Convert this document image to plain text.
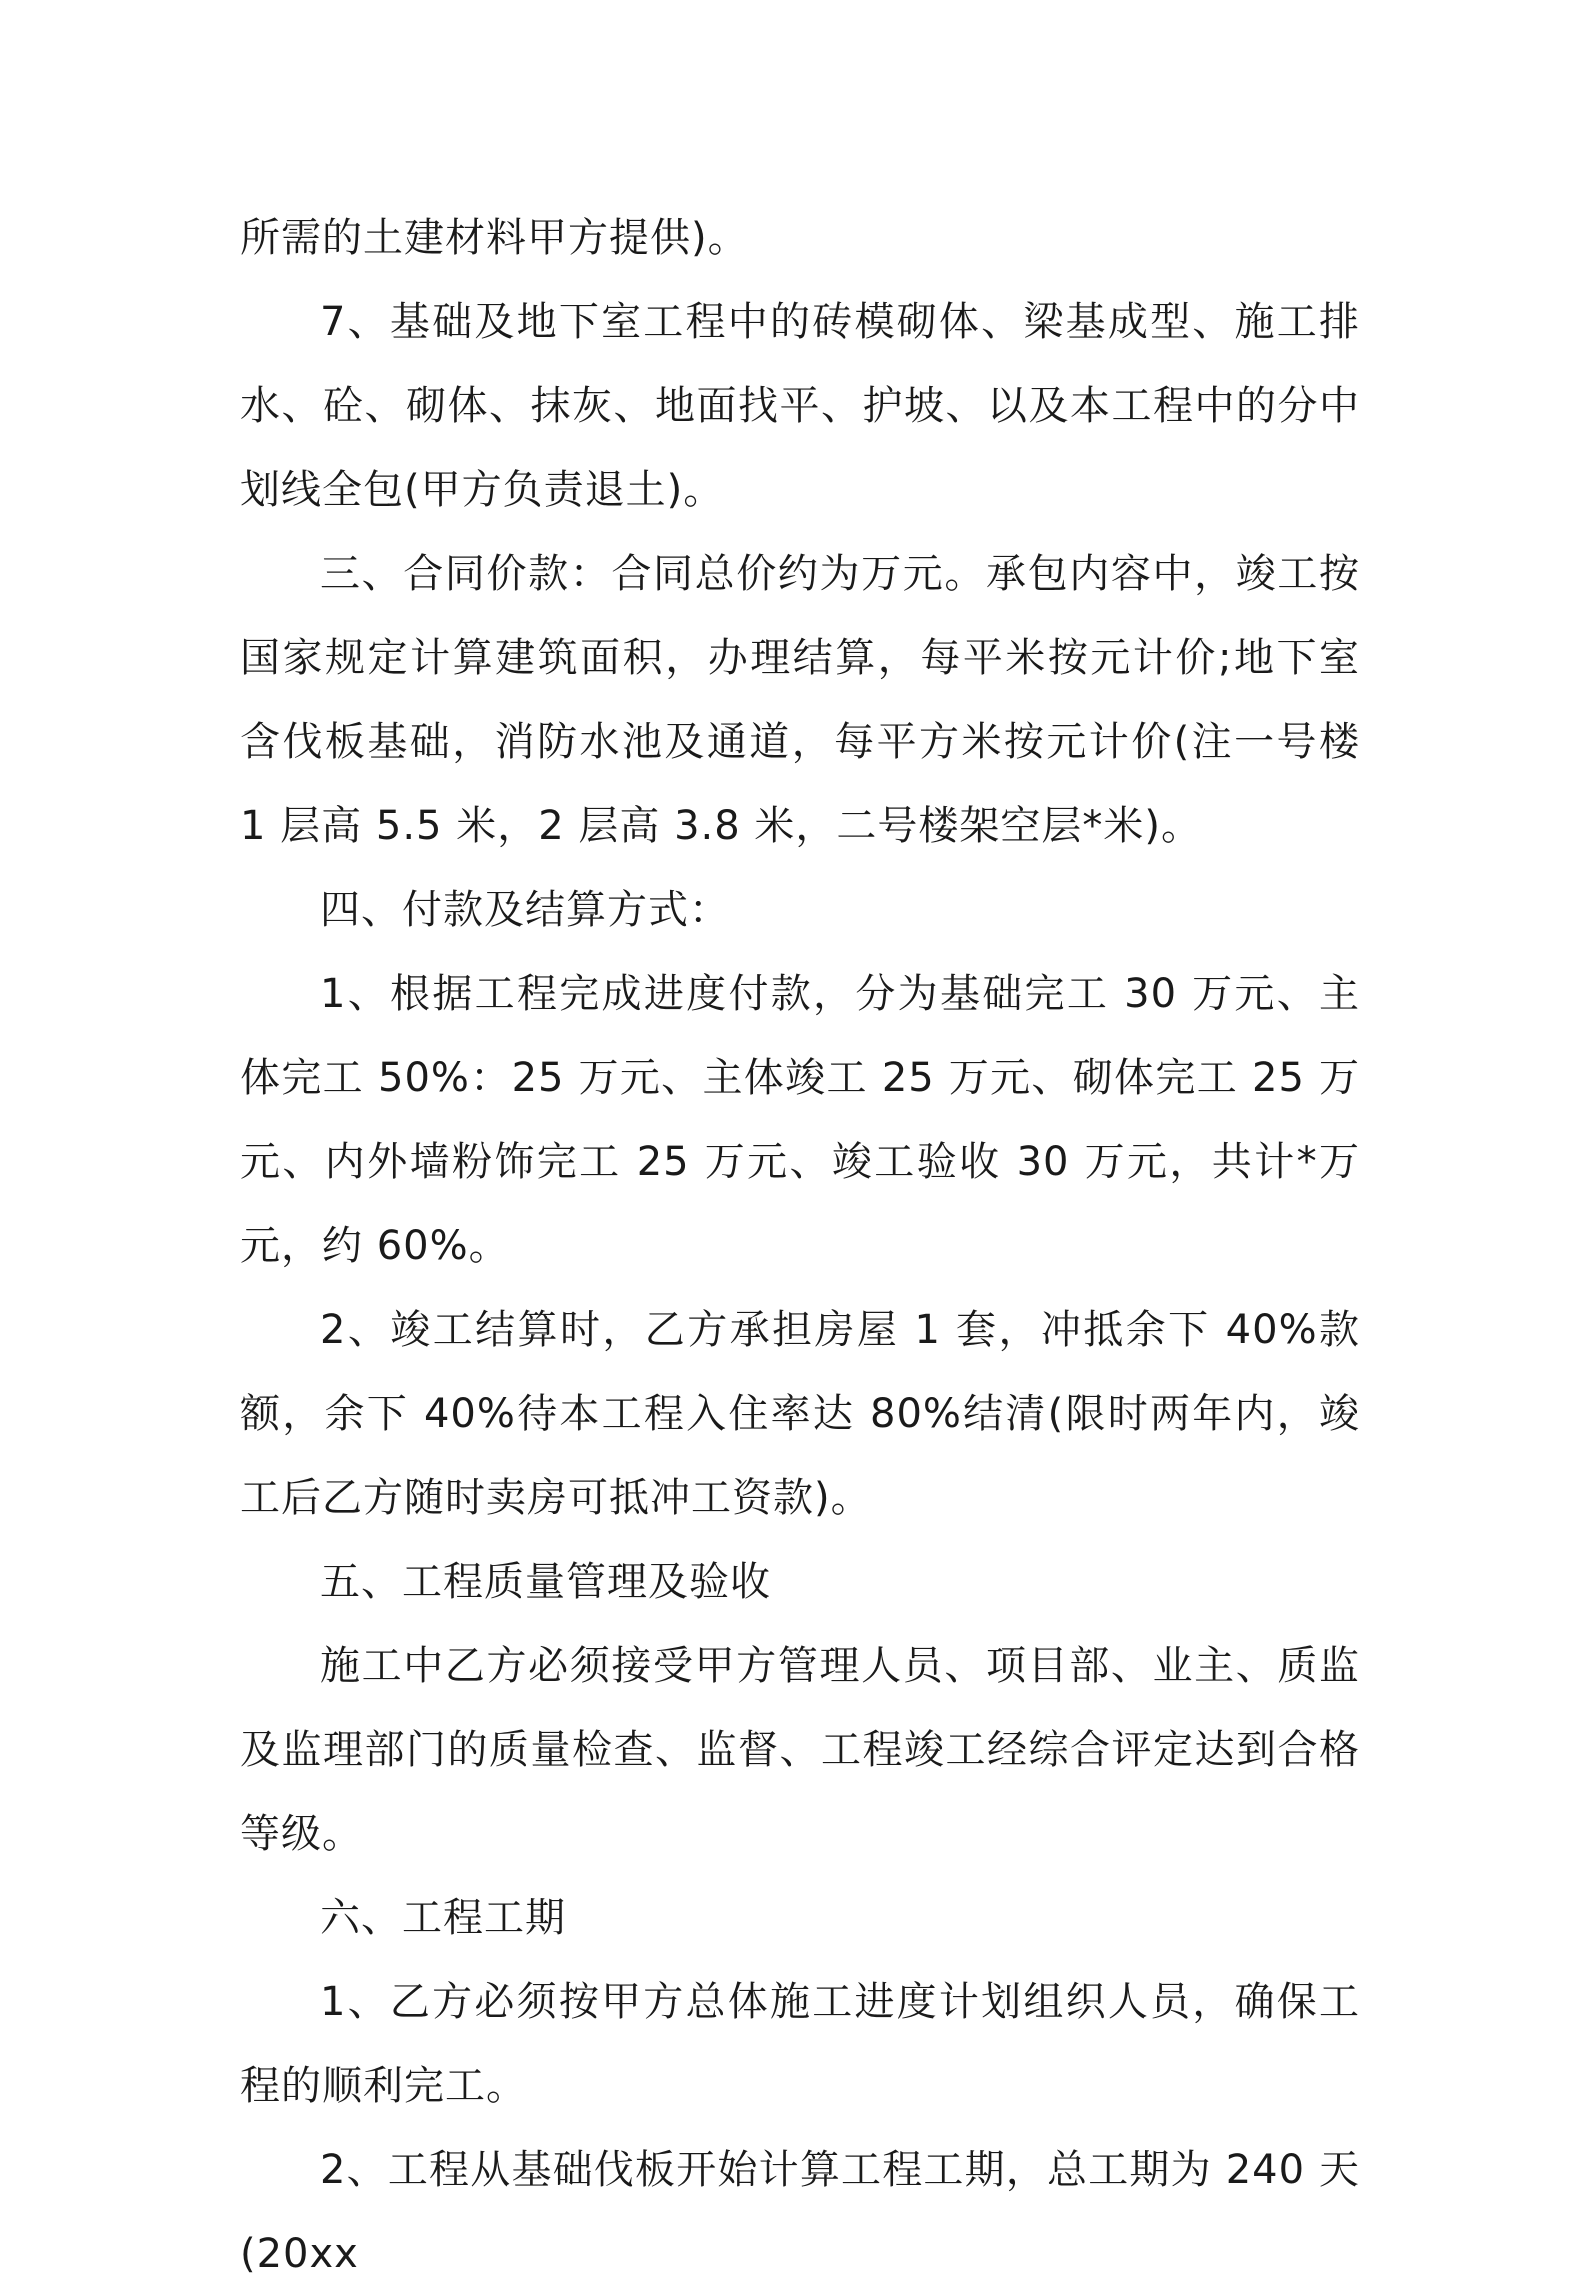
所需的土建材料甲方提供)。

7、基础及地下室工程中的砖模砌体、梁基成型、施工排水、砼、砌体、抹灰、地面找平、护坡、以及本工程中的分中划线全包(甲方负责退土)。

三、合同价款：合同总价约为万元。承包内容中，竣工按国家规定计算建筑面积，办理结算，每平米按元计价;地下室含伐板基础，消防水池及通道，每平方米按元计价(注一号楼 1 层高 5.5 米，2 层高 3.8 米，二号楼架空层*米)。

四、付款及结算方式：

1、根据工程完成进度付款，分为基础完工 30 万元、主体完工 50%：25 万元、主体竣工 25 万元、砌体完工 25 万元、内外墙粉饰完工 25 万元、竣工验收 30 万元，共计*万元，约 60%。

2、竣工结算时，乙方承担房屋 1 套，冲抵余下 40%款额，余下 40%待本工程入住率达 80%结清(限时两年内，竣工后乙方随时卖房可抵冲工资款)。

五、工程质量管理及验收

施工中乙方必须接受甲方管理人员、项目部、业主、质监及监理部门的质量检查、监督、工程竣工经综合评定达到合格等级。

六、工程工期

1、乙方必须按甲方总体施工进度计划组织人员，确保工程的顺利完工。

2、工程从基础伐板开始计算工程工期，总工期为 240 天(20xx
